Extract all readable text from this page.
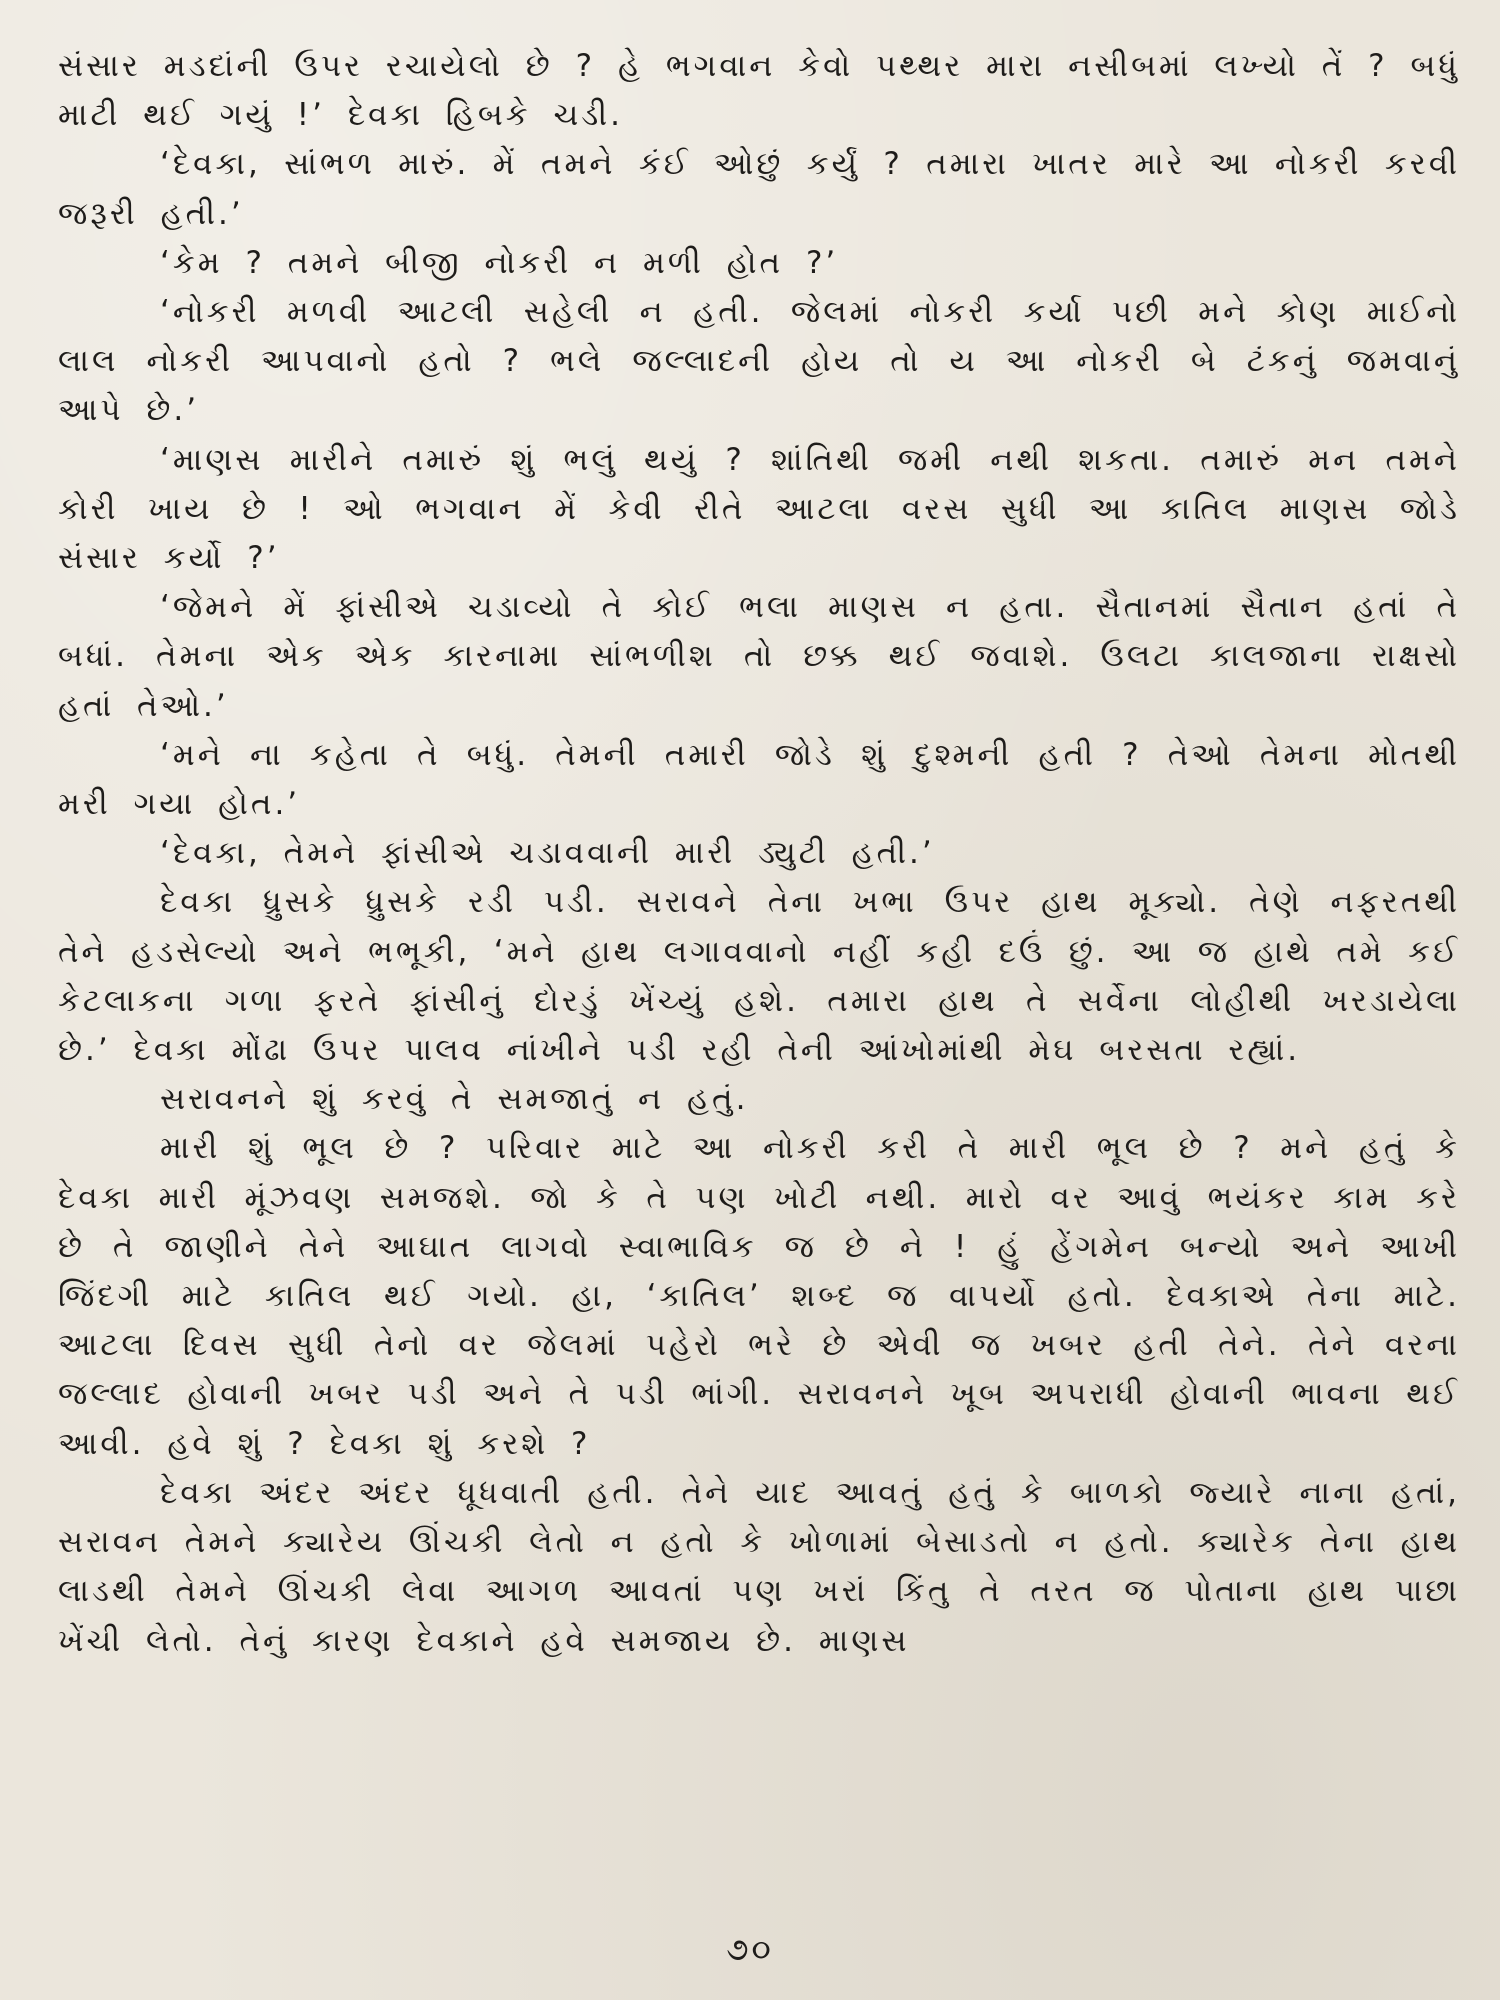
સંસાર મડદાંની ઉપર રચાયેલો છે ? હે ભગવાન કેવો પથ્થર મારા નસીબમાં લખ્યો તેં ? બધું માટી થઈ ગયું !’ દેવકા હિબકે ચડી.

‘દેવકા, સાંભળ મારું. મેં તમને કંઈ ઓછું કર્યું ? તમારા ખાતર મારે આ નોકરી કરવી જરૂરી હતી.’

‘કેમ ? તમને બીજી નોકરી ન મળી હોત ?’

‘નોકરી મળવી આટલી સહેલી ન હતી. જેલમાં નોકરી કર્યા પછી મને કોણ માઈનો લાલ નોકરી આપવાનો હતો ? ભલે જલ્લાદની હોય તો ય આ નોકરી બે ટંકનું જમવાનું આપે છે.’

‘માણસ મારીને તમારું શું ભલું થયું ? શાંતિથી જમી નથી શકતા. તમારું મન તમને કોરી ખાય છે ! ઓ ભગવાન મેં કેવી રીતે આટલા વરસ સુધી આ કાતિલ માણસ જોડે સંસાર કર્યો ?’

‘જેમને મેં ફાંસીએ ચડાવ્યો તે કોઈ ભલા માણસ ન હતા. સૈતાનમાં સૈતાન હતાં તે બધાં. તેમના એક એક કારનામા સાંભળીશ તો છક્ક થઈ જવાશે. ઉલટા કાલજાના રાક્ષસો હતાં તેઓ.’

‘મને ના કહેતા તે બધું. તેમની તમારી જોડે શું દુશ્મની હતી ? તેઓ તેમના મોતથી મરી ગયા હોત.’

‘દેવકા, તેમને ફાંસીએ ચડાવવાની મારી ડ્યુટી હતી.’

દેવકા ધ્રુસકે ધ્રુસકે રડી પડી. સરાવને તેના ખભા ઉપર હાથ મૂક્યો. તેણે નફરતથી તેને હડસેલ્યો અને ભભૂકી, ‘મને હાથ લગાવવાનો નહીં કહી દઉં છું. આ જ હાથે તમે કઈ કેટલાકના ગળા ફરતે ફાંસીનું દોરડું ખેંચ્યું હશે. તમારા હાથ તે સર્વેના લોહીથી ખરડાયેલા છે.’ દેવકા મોંઢા ઉપર પાલવ નાંખીને પડી રહી તેની આંખોમાંથી મેઘ બરસતા રહ્યાં.

સરાવનને શું કરવું તે સમજાતું ન હતું.

મારી શું ભૂલ છે ? પરિવાર માટે આ નોકરી કરી તે મારી ભૂલ છે ? મને હતું કે દેવકા મારી મૂંઝવણ સમજશે. જો કે તે પણ ખોટી નથી. મારો વર આવું ભયંકર કામ કરે છે તે જાણીને તેને આઘાત લાગવો સ્વાભાવિક જ છે ને ! હું હેંગમેન બન્યો અને આખી જિંદગી માટે કાતિલ થઈ ગયો. હા, ‘કાતિલ’ શબ્દ જ વાપર્યો હતો. દેવકાએ તેના માટે. આટલા દિવસ સુધી તેનો વર જેલમાં પહેરો ભરે છે એવી જ ખબર હતી તેને. તેને વરના જલ્લાદ હોવાની ખબર પડી અને તે પડી ભાંગી. સરાવનને ખૂબ અપરાધી હોવાની ભાવના થઈ આવી. હવે શું ? દેવકા શું કરશે ?

દેવકા અંદર અંદર ધૂધવાતી હતી. તેને યાદ આવતું હતું કે બાળકો જ્યારે નાના હતાં, સરાવન તેમને ક્યારેય ઊંચકી લેતો ન હતો કે ખોળામાં બેસાડતો ન હતો. ક્યારેક તેના હાથ લાડથી તેમને ઊંચકી લેવા આગળ આવતાં પણ ખરાં કિંતુ તે તરત જ પોતાના હાથ પાછા ખેંચી લેતો. તેનું કારણ દેવકાને હવે સમજાય છે. માણસ

૭૦
